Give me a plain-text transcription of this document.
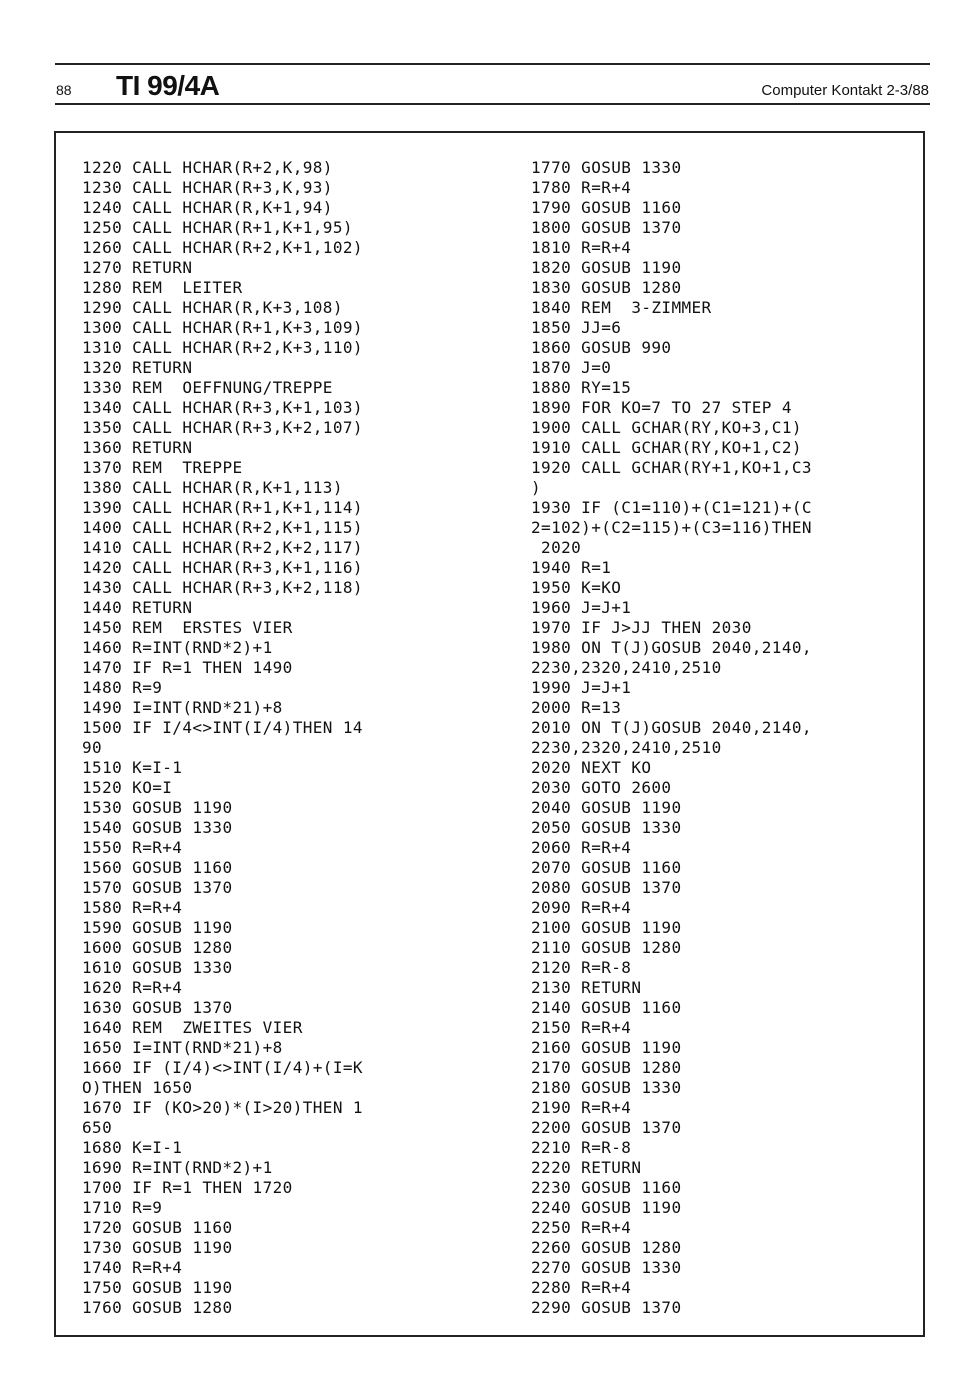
88 TI 99/4A	Computer Kontakt 2-3/88
1220 CALL HCHAR(R+2,K,98)
1230 CALL HCHAR(R+3,K,93)
1240 CALL HCHAR(R,K+1,94)
1250 CALL HCHAR(R+1,K+1,95)
1260 CALL HCHAR(R+2,K+1,102)
1270 RETURN
1280 REM  LEITER
1290 CALL HCHAR(R,K+3,108)
1300 CALL HCHAR(R+1,K+3,109)
1310 CALL HCHAR(R+2,K+3,110)
1320 RETURN
1330 REM  OEFFNUNG/TREPPE
1340 CALL HCHAR(R+3,K+1,103)
1350 CALL HCHAR(R+3,K+2,107)
1360 RETURN
1370 REM  TREPPE
1380 CALL HCHAR(R,K+1,113)
1390 CALL HCHAR(R+1,K+1,114)
1400 CALL HCHAR(R+2,K+1,115)
1410 CALL HCHAR(R+2,K+2,117)
1420 CALL HCHAR(R+3,K+1,116)
1430 CALL HCHAR(R+3,K+2,118)
1440 RETURN
1450 REM  ERSTES VIER
1460 R=INT(RND*2)+1
1470 IF R=1 THEN 1490
1480 R=9
1490 I=INT(RND*21)+8
1500 IF I/4<>INT(I/4)THEN 14
90
1510 K=I-1
1520 KO=I
1530 GOSUB 1190
1540 GOSUB 1330
1550 R=R+4
1560 GOSUB 1160
1570 GOSUB 1370
1580 R=R+4
1590 GOSUB 1190
1600 GOSUB 1280
1610 GOSUB 1330
1620 R=R+4
1630 GOSUB 1370
1640 REM  ZWEITES VIER
1650 I=INT(RND*21)+8
1660 IF (I/4)<>INT(I/4)+(I=K
O)THEN 1650
1670 IF (KO>20)*(I>20)THEN 1
650
1680 K=I-1
1690 R=INT(RND*2)+1
1700 IF R=1 THEN 1720
1710 R=9
1720 GOSUB 1160
1730 GOSUB 1190
1740 R=R+4
1750 GOSUB 1190
1760 GOSUB 1280
1770 GOSUB 1330
1780 R=R+4
1790 GOSUB 1160
1800 GOSUB 1370
1810 R=R+4
1820 GOSUB 1190
1830 GOSUB 1280
1840 REM  3-ZIMMER
1850 JJ=6
1860 GOSUB 990
1870 J=0
1880 RY=15
1890 FOR KO=7 TO 27 STEP 4
1900 CALL GCHAR(RY,KO+3,C1)
1910 CALL GCHAR(RY,KO+1,C2)
1920 CALL GCHAR(RY+1,KO+1,C3
)
1930 IF (C1=110)+(C1=121)+(C
2=102)+(C2=115)+(C3=116)THEN
2020
1940 R=1
1950 K=KO
1960 J=J+1
1970 IF J>JJ THEN 2030
1980 ON T(J)GOSUB 2040,2140,
2230,2320,2410,2510
1990 J=J+1
2000 R=13
2010 ON T(J)GOSUB 2040,2140,
2230,2320,2410,2510
2020 NEXT KO
2030 GOTO 2600
2040 GOSUB 1190
2050 GOSUB 1330
2060 R=R+4
2070 GOSUB 1160
2080 GOSUB 1370
2090 R=R+4
2100 GOSUB 1190
2110 GOSUB 1280
2120 R=R-8
2130 RETURN
2140 GOSUB 1160
2150 R=R+4
2160 GOSUB 1190
2170 GOSUB 1280
2180 GOSUB 1330
2190 R=R+4
2200 GOSUB 1370
2210 R=R-8
2220 RETURN
2230 GOSUB 1160
2240 GOSUB 1190
2250 R=R+4
2260 GOSUB 1280
2270 GOSUB 1330
2280 R=R+4
2290 GOSUB 1370
